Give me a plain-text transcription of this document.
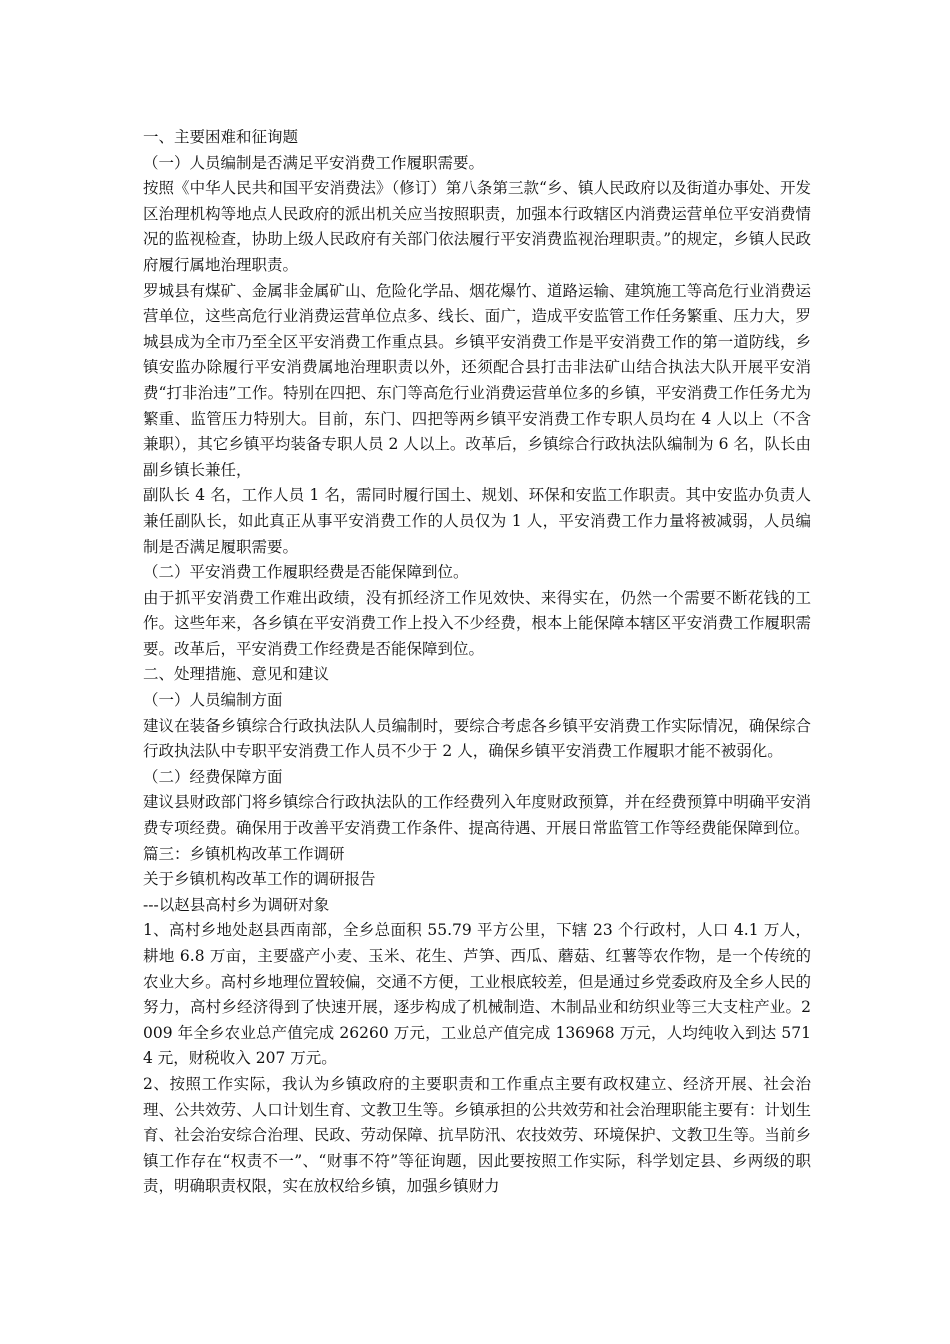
一、主要困难和征询题

（一）人员编制是否满足平安消费工作履职需要。

按照《中华人民共和国平安消费法》（修订）第八条第三款“乡、镇人民政府以及街道办事处、开发区治理机构等地点人民政府的派出机关应当按照职责，加强本行政辖区内消费运营单位平安消费情况的监视检查，协助上级人民政府有关部门依法履行平安消费监视治理职责。”的规定，乡镇人民政府履行属地治理职责。

罗城县有煤矿、金属非金属矿山、危险化学品、烟花爆竹、道路运输、建筑施工等高危行业消费运营单位，这些高危行业消费运营单位点多、线长、面广，造成平安监管工作任务繁重、压力大，罗城县成为全市乃至全区平安消费工作重点县。乡镇平安消费工作是平安消费工作的第一道防线，乡镇安监办除履行平安消费属地治理职责以外，还须配合县打击非法矿山结合执法大队开展平安消费“打非治违”工作。特别在四把、东门等高危行业消费运营单位多的乡镇，平安消费工作任务尤为繁重、监管压力特别大。目前，东门、四把等两乡镇平安消费工作专职人员均在 4 人以上（不含兼职），其它乡镇平均装备专职人员 2 人以上。改革后，乡镇综合行政执法队编制为 6 名，队长由副乡镇长兼任，

副队长 4 名，工作人员 1 名，需同时履行国土、规划、环保和安监工作职责。其中安监办负责人兼任副队长，如此真正从事平安消费工作的人员仅为 1 人，平安消费工作力量将被减弱，人员编制是否满足履职需要。

（二）平安消费工作履职经费是否能保障到位。

由于抓平安消费工作难出政绩，没有抓经济工作见效快、来得实在，仍然一个需要不断花钱的工作。这些年来，各乡镇在平安消费工作上投入不少经费，根本上能保障本辖区平安消费工作履职需要。改革后，平安消费工作经费是否能保障到位。

二、处理措施、意见和建议

（一）人员编制方面

建议在装备乡镇综合行政执法队人员编制时，要综合考虑各乡镇平安消费工作实际情况，确保综合行政执法队中专职平安消费工作人员不少于 2 人，确保乡镇平安消费工作履职才能不被弱化。

（二）经费保障方面

建议县财政部门将乡镇综合行政执法队的工作经费列入年度财政预算，并在经费预算中明确平安消费专项经费。确保用于改善平安消费工作条件、提高待遇、开展日常监管工作等经费能保障到位。

篇三：乡镇机构改革工作调研

关于乡镇机构改革工作的调研报告

---以赵县高村乡为调研对象

1、高村乡地处赵县西南部，全乡总面积 55.79 平方公里，下辖 23 个行政村，人口 4.1 万人，耕地 6.8 万亩，主要盛产小麦、玉米、花生、芦笋、西瓜、蘑菇、红薯等农作物，是一个传统的农业大乡。高村乡地理位置较偏，交通不方便，工业根底较差，但是通过乡党委政府及全乡人民的努力，高村乡经济得到了快速开展，逐步构成了机械制造、木制品业和纺织业等三大支柱产业。2009 年全乡农业总产值完成 26260 万元，工业总产值完成 136968 万元，人均纯收入到达 5714 元，财税收入 207 万元。

2、按照工作实际，我认为乡镇政府的主要职责和工作重点主要有政权建立、经济开展、社会治理、公共效劳、人口计划生育、文教卫生等。乡镇承担的公共效劳和社会治理职能主要有：计划生育、社会治安综合治理、民政、劳动保障、抗旱防汛、农技效劳、环境保护、文教卫生等。当前乡镇工作存在“权责不一”、“财事不符”等征询题，因此要按照工作实际，科学划定县、乡两级的职责，明确职责权限，实在放权给乡镇，加强乡镇财力
